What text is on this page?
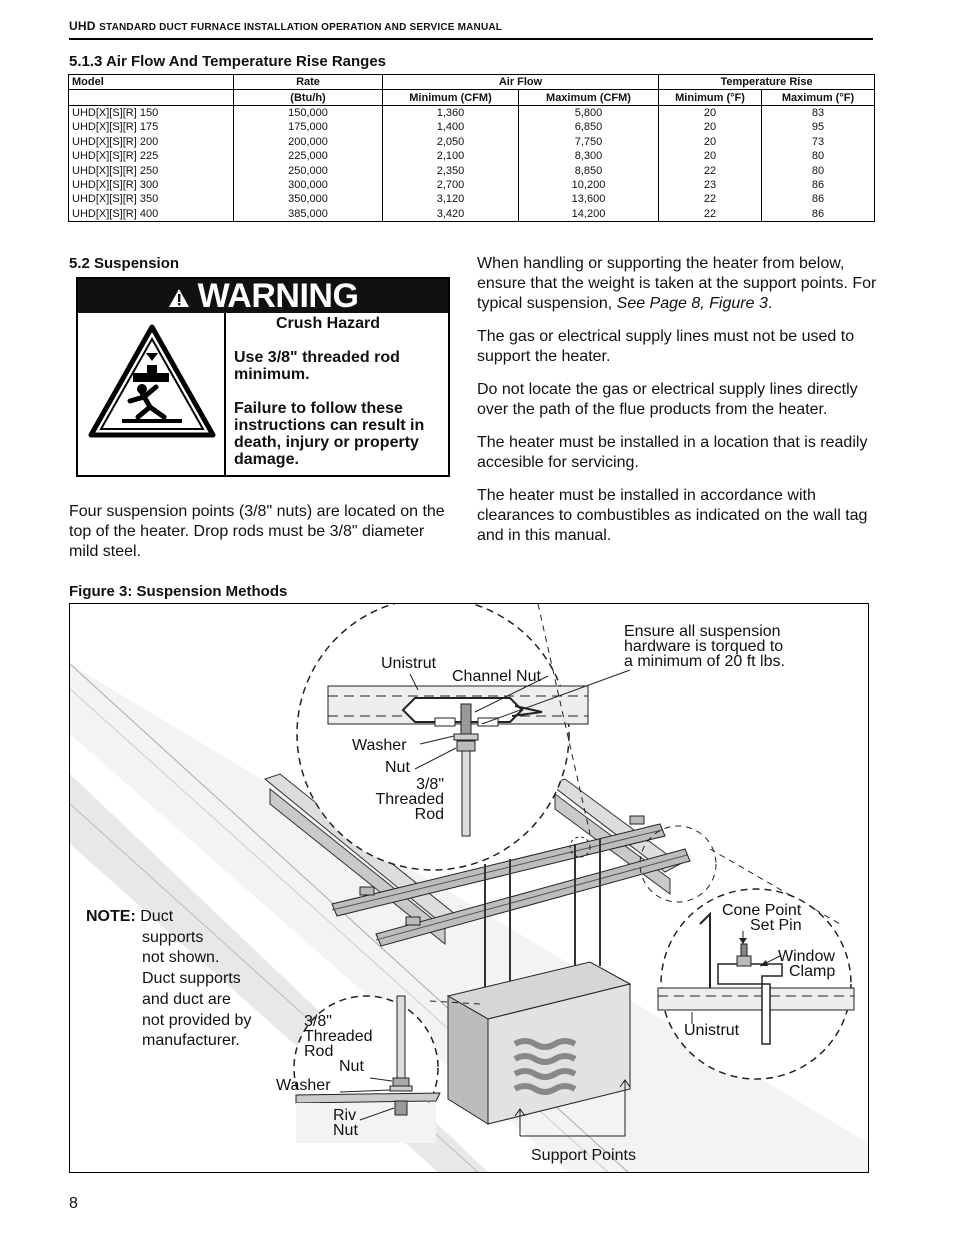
UHD STANDARD DUCT FURNACE INSTALLATION OPERATION AND SERVICE MANUAL
5.1.3 Air Flow And Temperature Rise Ranges
Model	Rate	Air Flow		Temperature Rise	
	(Btu/h)	Minimum (CFM)	Maximum (CFM)	Minimum (°F)	Maximum (°F)
UHD[X][S][R] 150	150,000	1,360	5,800	20	83
UHD[X][S][R] 175	175,000	1,400	6,850	20	95
UHD[X][S][R] 200	200,000	2,050	7,750	20	73
UHD[X][S][R] 225	225,000	2,100	8,300	20	80
UHD[X][S][R] 250	250,000	2,350	8,850	22	80
UHD[X][S][R] 300	300,000	2,700	10,200	23	86
UHD[X][S][R] 350	350,000	3,120	13,600	22	86
UHD[X][S][R] 400	385,000	3,420	14,200	22	86
5.2 Suspension
WARNING
Crush Hazard
Use 3/8" threaded rod minimum.
Failure to follow these instructions can result in death, injury or property damage.
Four suspension points (3/8" nuts) are located on the top of the heater. Drop rods must be 3/8" diameter mild steel.
When handling or supporting the heater from below, ensure that the weight is taken at the support points. For typical suspension, See Page 8, Figure 3.
The gas or electrical supply lines must not be used to support the heater.
Do not locate the gas or electrical supply lines directly over the path of the flue products from the heater.
The heater must be installed in a location that is readily accesible for servicing.
The heater must be installed in accordance with clearances to combustibles as indicated on the wall tag and in this manual.
Figure 3: Suspension Methods
Ensure all suspension
hardware is torqued to
a minimum of 20 ft lbs.
Unistrut
Channel Nut
Washer
Nut
3/8"
Threaded
Rod
Cone Point
Set Pin
Window
Clamp
Unistrut
NOTE: Duct
supports
not shown.
Duct supports
and duct are
not provided by
manufacturer.
3/8"
Threaded
Rod
Nut
Washer
Riv
Nut
Support Points
8
